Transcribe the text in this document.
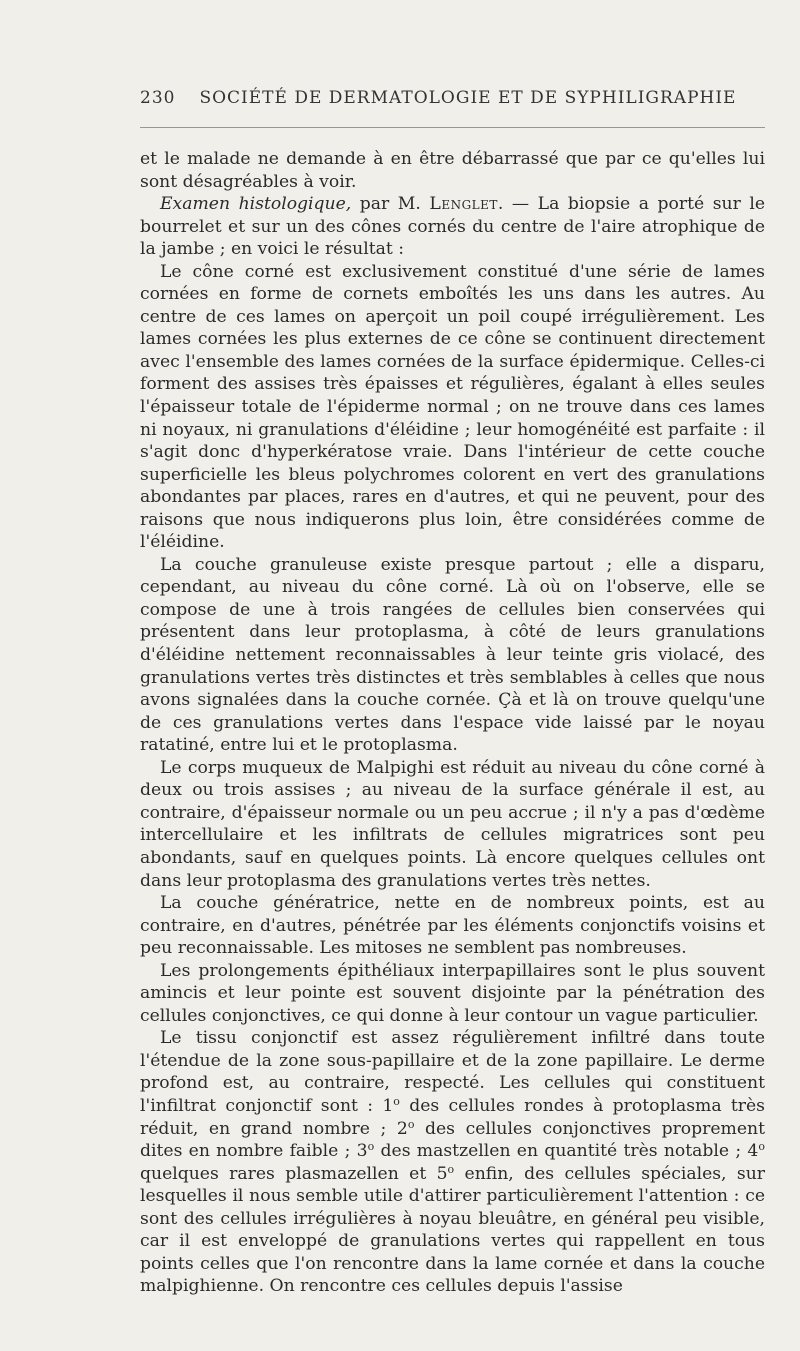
230 SOCIÉTÉ DE DERMATOLOGIE ET DE SYPHILIGRAPHIE

et le malade ne demande à en être débarrassé que par ce qu'elles lui sont désagréables à voir.

Examen histologique, par M. Lenglet. — La biopsie a porté sur le bourrelet et sur un des cônes cornés du centre de l'aire atrophique de la jambe ; en voici le résultat :

Le cône corné est exclusivement constitué d'une série de lames cornées en forme de cornets emboîtés les uns dans les autres. Au centre de ces lames on aperçoit un poil coupé irrégulièrement. Les lames cornées les plus externes de ce cône se continuent directement avec l'ensemble des lames cornées de la surface épidermique. Celles-ci forment des assises très épaisses et régulières, égalant à elles seules l'épaisseur totale de l'épiderme normal ; on ne trouve dans ces lames ni noyaux, ni granulations d'éléidine ; leur homogénéité est parfaite : il s'agit donc d'hyperkératose vraie. Dans l'intérieur de cette couche superficielle les bleus polychromes colorent en vert des granulations abondantes par places, rares en d'autres, et qui ne peuvent, pour des raisons que nous indiquerons plus loin, être considérées comme de l'éléidine.

La couche granuleuse existe presque partout ; elle a disparu, cependant, au niveau du cône corné. Là où on l'observe, elle se compose de une à trois rangées de cellules bien conservées qui présentent dans leur protoplasma, à côté de leurs granulations d'éléidine nettement reconnaissables à leur teinte gris violacé, des granulations vertes très distinctes et très semblables à celles que nous avons signalées dans la couche cornée. Çà et là on trouve quelqu'une de ces granulations vertes dans l'espace vide laissé par le noyau ratatiné, entre lui et le protoplasma.

Le corps muqueux de Malpighi est réduit au niveau du cône corné à deux ou trois assises ; au niveau de la surface générale il est, au contraire, d'épaisseur normale ou un peu accrue ; il n'y a pas d'œdème intercellulaire et les infiltrats de cellules migratrices sont peu abondants, sauf en quelques points. Là encore quelques cellules ont dans leur protoplasma des granulations vertes très nettes.

La couche génératrice, nette en de nombreux points, est au contraire, en d'autres, pénétrée par les éléments conjonctifs voisins et peu reconnaissable. Les mitoses ne semblent pas nombreuses.

Les prolongements épithéliaux interpapillaires sont le plus souvent amincis et leur pointe est souvent disjointe par la pénétration des cellules conjonctives, ce qui donne à leur contour un vague particulier.

Le tissu conjonctif est assez régulièrement infiltré dans toute l'étendue de la zone sous-papillaire et de la zone papillaire. Le derme profond est, au contraire, respecté. Les cellules qui constituent l'infiltrat conjonctif sont : 1$^o$ des cellules rondes à protoplasma très réduit, en grand nombre ; 2$^o$ des cellules conjonctives proprement dites en nombre faible ; 3$^o$ des mastzellen en quantité très notable ; 4$^o$ quelques rares plasmazellen et 5$^o$ enfin, des cellules spéciales, sur lesquelles il nous semble utile d'attirer particulièrement l'attention : ce sont des cellules irrégulières à noyau bleuâtre, en général peu visible, car il est enveloppé de granulations vertes qui rappellent en tous points celles que l'on rencontre dans la lame cornée et dans la couche malpighienne. On rencontre ces cellules depuis l'assise
